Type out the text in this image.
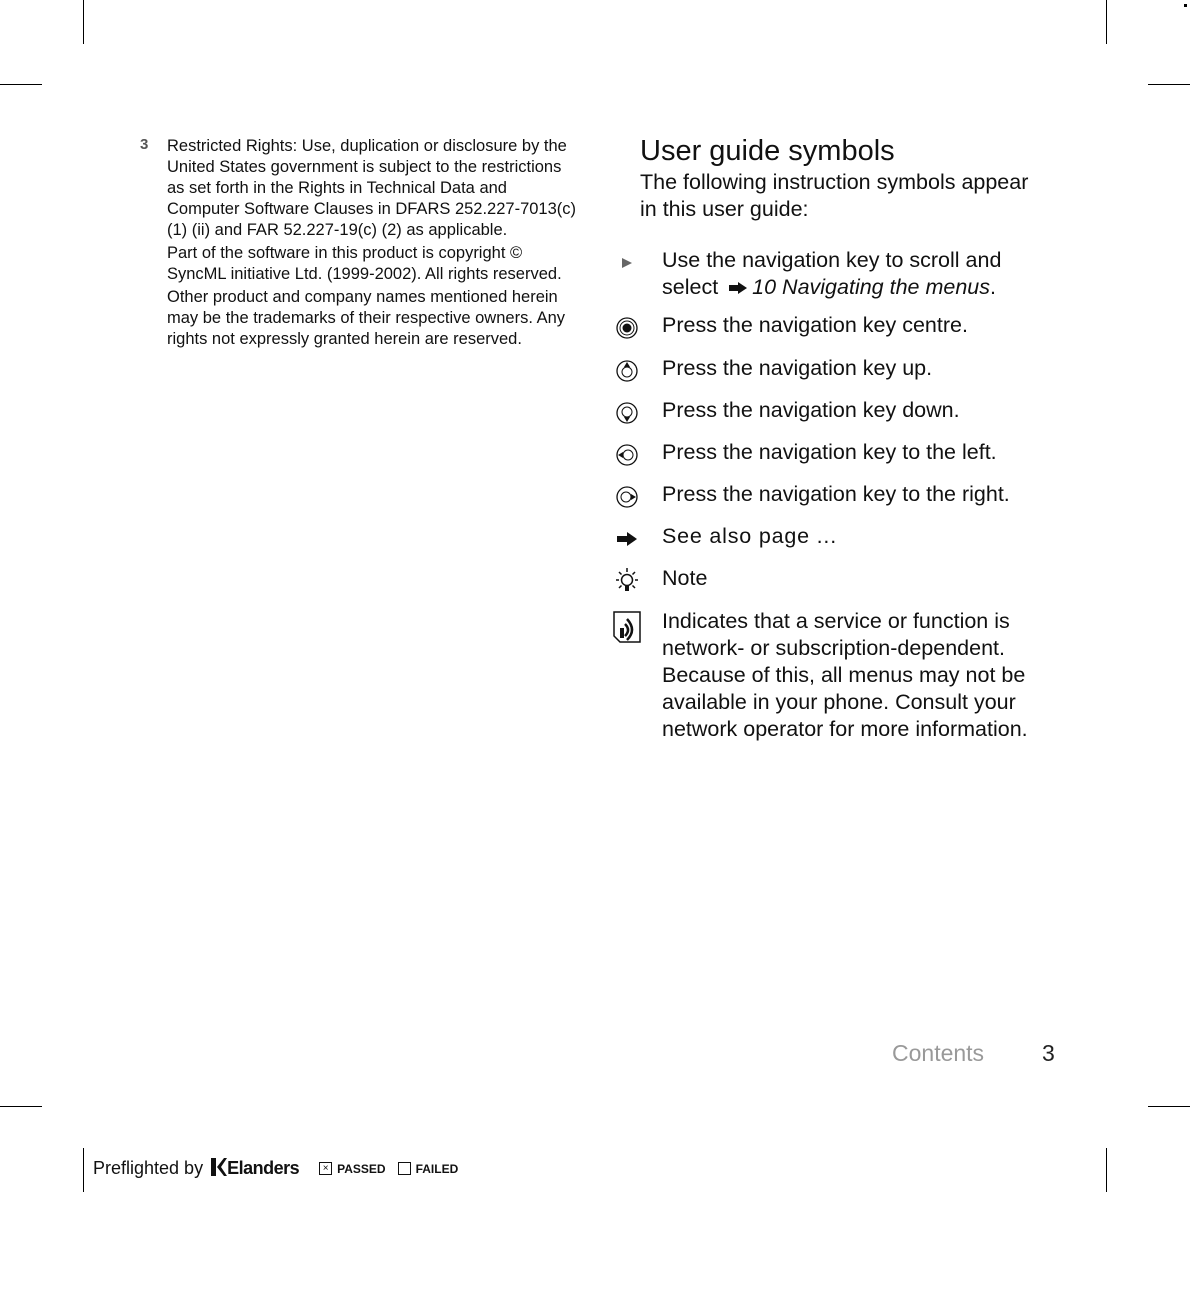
3 Restricted Rights: Use, duplication or disclosure by the United States government is subject to the restrictions as set forth in the Rights in Technical Data and Computer Software Clauses in DFARS 252.227-7013(c) (1) (ii) and FAR 52.227-19(c) (2) as applicable.

Part of the software in this product is copyright © SyncML initiative Ltd. (1999-2002). All rights reserved.

Other product and company names mentioned herein may be the trademarks of their respective owners. Any rights not expressly granted herein are reserved.

User guide symbols

The following instruction symbols appear in this user guide:

Use the navigation key to scroll and select 10 Navigating the menus.
Press the navigation key centre.
Press the navigation key up.
Press the navigation key down.
Press the navigation key to the left.
Press the navigation key to the right.
See also page ...
Note
Indicates that a service or function is network- or subscription-dependent. Because of this, all menus may not be available in your phone. Consult your network operator for more information.
Contents	3
Preflighted by	Elanders	× PASSED	FAILED
